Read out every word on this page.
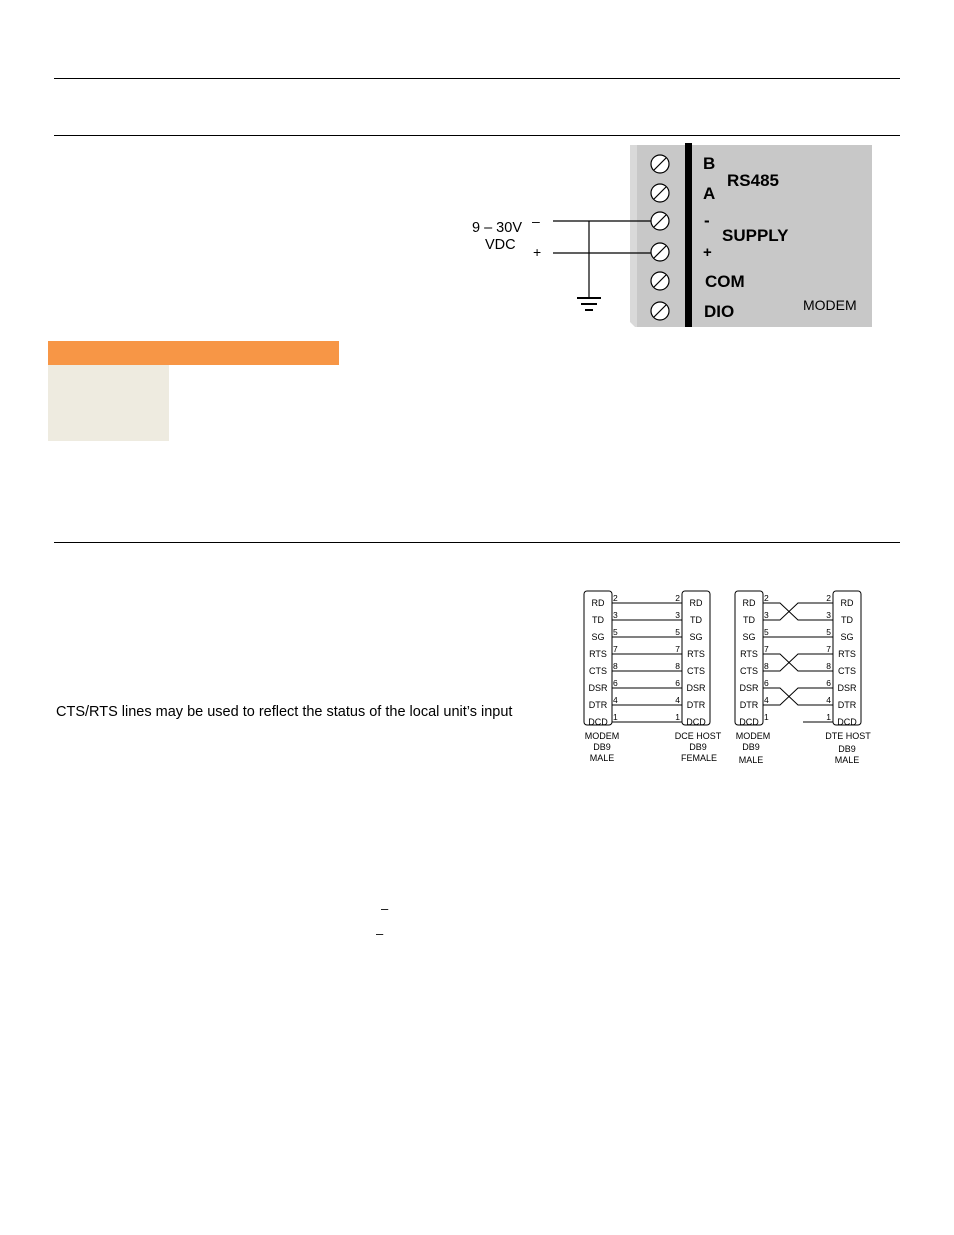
B
A
RS485
-
SUPPLY
+
COM
DIO	MODEM
9 – 30V
VDC
–
+
CTS/RTS lines may be used to reflect the status of the local unit’s input
RD	RD
2	2
TD	TD
3	3
SG	SG
5	5
RTS	RTS
7	7
CTS	CTS
8	8
DSR	DSR
6	6
DTR	DTR
4	4
DCD	DCD
1	1
RD	RD
2	2
TD	TD
3	3
SG	SG
5	5
RTS	RTS
7	7
CTS	CTS
8	8
DSR	DSR
6	6
DTR	DTR
4	4
DCD	DCD
1	1
MODEM
DB9
MALE
DCE HOST
DB9
FEMALE
MODEM
DB9
MALE
DTE HOST
DB9
MALE
–
–
